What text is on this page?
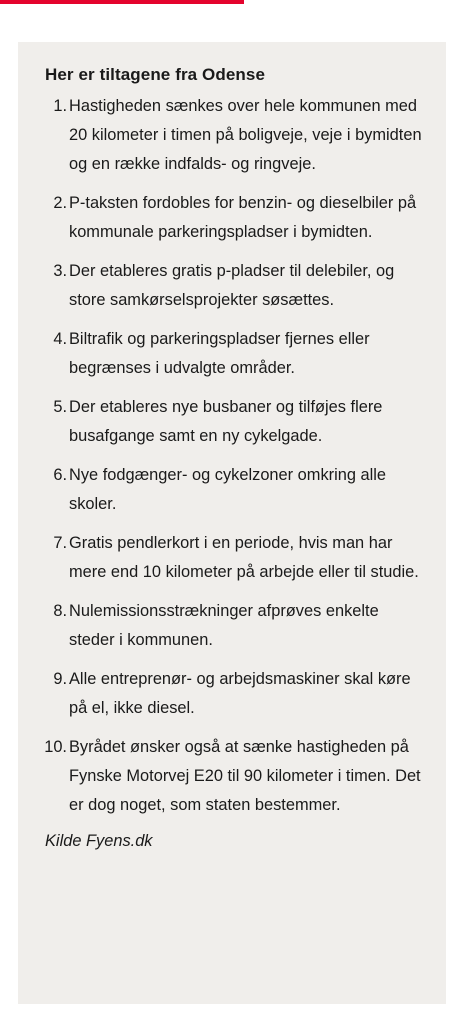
Her er tiltagene fra Odense
1. Hastigheden sænkes over hele kommunen med 20 kilometer i timen på boligveje, veje i bymidten og en række indfalds- og ringveje.
2. P-taksten fordobles for benzin- og dieselbiler på kommunale parkeringspladser i bymidten.
3. Der etableres gratis p-pladser til delebiler, og store samkørselsprojekter søsættes.
4. Biltrafik og parkeringspladser fjernes eller begrænses i udvalgte områder.
5. Der etableres nye busbaner og tilføjes flere busafgange samt en ny cykelgade.
6. Nye fodgænger- og cykelzoner omkring alle skoler.
7. Gratis pendlerkort i en periode, hvis man har mere end 10 kilometer på arbejde eller til studie.
8. Nulemissionsstrækninger afprøves enkelte steder i kommunen.
9. Alle entreprenør- og arbejdsmaskiner skal køre på el, ikke diesel.
10. Byrådet ønsker også at sænke hastigheden på Fynske Motorvej E20 til 90 kilometer i timen. Det er dog noget, som staten bestemmer.
Kilde Fyens.dk
